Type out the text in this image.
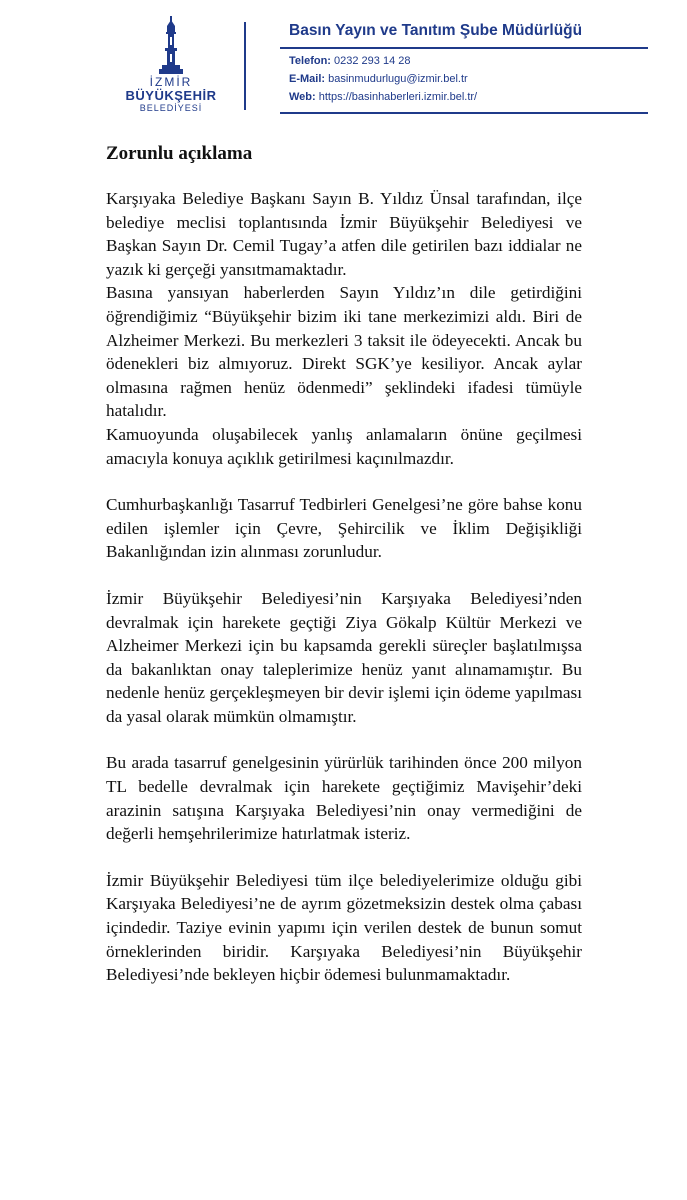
İZMİR
BÜYÜKŞEHİR
BELEDİYESİ
Basın Yayın ve Tanıtım Şube Müdürlüğü
Telefon: 0232 293 14 28
E-Mail: basinmudurlugu@izmir.bel.tr
Web: https://basinhaberleri.izmir.bel.tr/
Zorunlu açıklama

Karşıyaka Belediye Başkanı Sayın B. Yıldız Ünsal tarafından, ilçe belediye meclisi toplantısında İzmir Büyükşehir Belediyesi ve Başkan Sayın Dr. Cemil Tugay’a atfen dile getirilen bazı iddialar ne yazık ki gerçeği yansıtmamaktadır.

Basına yansıyan haberlerden Sayın Yıldız’ın dile getirdiğini öğrendiğimiz “Büyükşehir bizim iki tane merkezimizi aldı. Biri de Alzheimer Merkezi. Bu merkezleri 3 taksit ile ödeyecekti. Ancak bu ödenekleri biz almıyoruz. Direkt SGK’ye kesiliyor. Ancak aylar olmasına rağmen henüz ödenmedi” şeklindeki ifadesi tümüyle hatalıdır.

Kamuoyunda oluşabilecek yanlış anlamaların önüne geçilmesi amacıyla konuya açıklık getirilmesi kaçınılmazdır.

Cumhurbaşkanlığı Tasarruf Tedbirleri Genelgesi’ne göre bahse konu edilen işlemler için Çevre, Şehircilik ve İklim Değişikliği Bakanlığından izin alınması zorunludur.

İzmir Büyükşehir Belediyesi’nin Karşıyaka Belediyesi’nden devralmak için harekete geçtiği Ziya Gökalp Kültür Merkezi ve Alzheimer Merkezi için bu kapsamda gerekli süreçler başlatılmışsa da bakanlıktan onay taleplerimize henüz yanıt alınamamıştır. Bu nedenle henüz gerçekleşmeyen bir devir işlemi için ödeme yapılması da yasal olarak mümkün olmamıştır.

Bu arada tasarruf genelgesinin yürürlük tarihinden önce 200 milyon TL bedelle devralmak için harekete geçtiğimiz Mavişehir’deki arazinin satışına Karşıyaka Belediyesi’nin onay vermediğini de değerli hemşehrilerimize hatırlatmak isteriz.

İzmir Büyükşehir Belediyesi tüm ilçe belediyelerimize olduğu gibi Karşıyaka Belediyesi’ne de ayrım gözetmeksizin destek olma çabası içindedir. Taziye evinin yapımı için verilen destek de bunun somut örneklerinden biridir. Karşıyaka Belediyesi’nin Büyükşehir Belediyesi’nde bekleyen hiçbir ödemesi bulunmamaktadır.
